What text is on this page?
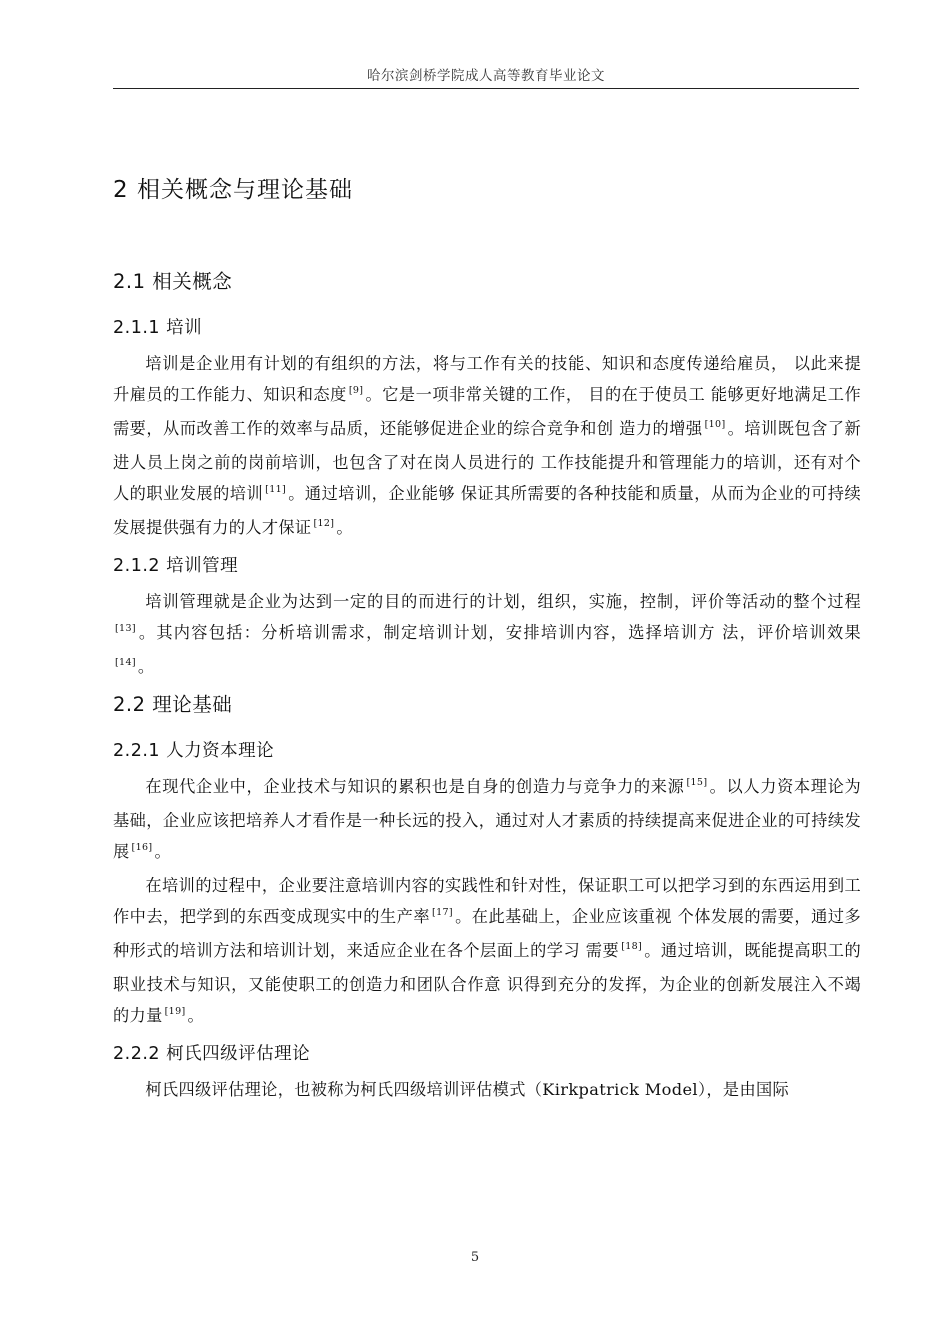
哈尔滨剑桥学院成人高等教育毕业论文
2 相关概念与理论基础
2.1 相关概念
2.1.1 培训

培训是企业用有计划的有组织的方法，将与工作有关的技能、知识和态度传递给雇员， 以此来提升雇员的工作能力、知识和态度 [9] 。它是一项非常关键的工作， 目的在于使员工 能够更好地满足工作需要，从而改善工作的效率与品质，还能够促进企业的综合竞争和创 造力的增强 [10] 。培训既包含了新进人员上岗之前的岗前培训，也包含了对在岗人员进行的 工作技能提升和管理能力的培训，还有对个人的职业发展的培训 [11] 。通过培训，企业能够 保证其所需要的各种技能和质量，从而为企业的可持续发展提供强有力的人才保证 [12] 。

2.1.2 培训管理

培训管理就是企业为达到一定的目的而进行的计划，组织，实施，控制，评价等活动的整个过程[13] 。其内容包括：分析培训需求，制定培训计划，安排培训内容，选择培训方 法，评价培训效果[14] 。

2.2 理论基础
2.2.1 人力资本理论

在现代企业中，企业技术与知识的累积也是自身的创造力与竞争力的来源 [15] 。以人力资本理论为基础，企业应该把培养人才看作是一种长远的投入，通过对人才素质的持续提高来促进企业的可持续发展 [16] 。

在培训的过程中，企业要注意培训内容的实践性和针对性，保证职工可以把学习到的东西运用到工作中去，把学到的东西变成现实中的生产率 [17] 。在此基础上，企业应该重视 个体发展的需要，通过多种形式的培训方法和培训计划，来适应企业在各个层面上的学习 需要 [18] 。通过培训，既能提高职工的职业技术与知识，又能使职工的创造力和团队合作意 识得到充分的发挥，为企业的创新发展注入不竭的力量 [19] 。

2.2.2 柯氏四级评估理论

柯氏四级评估理论，也被称为柯氏四级培训评估模式（Kirkpatrick Model），是由国际

5
